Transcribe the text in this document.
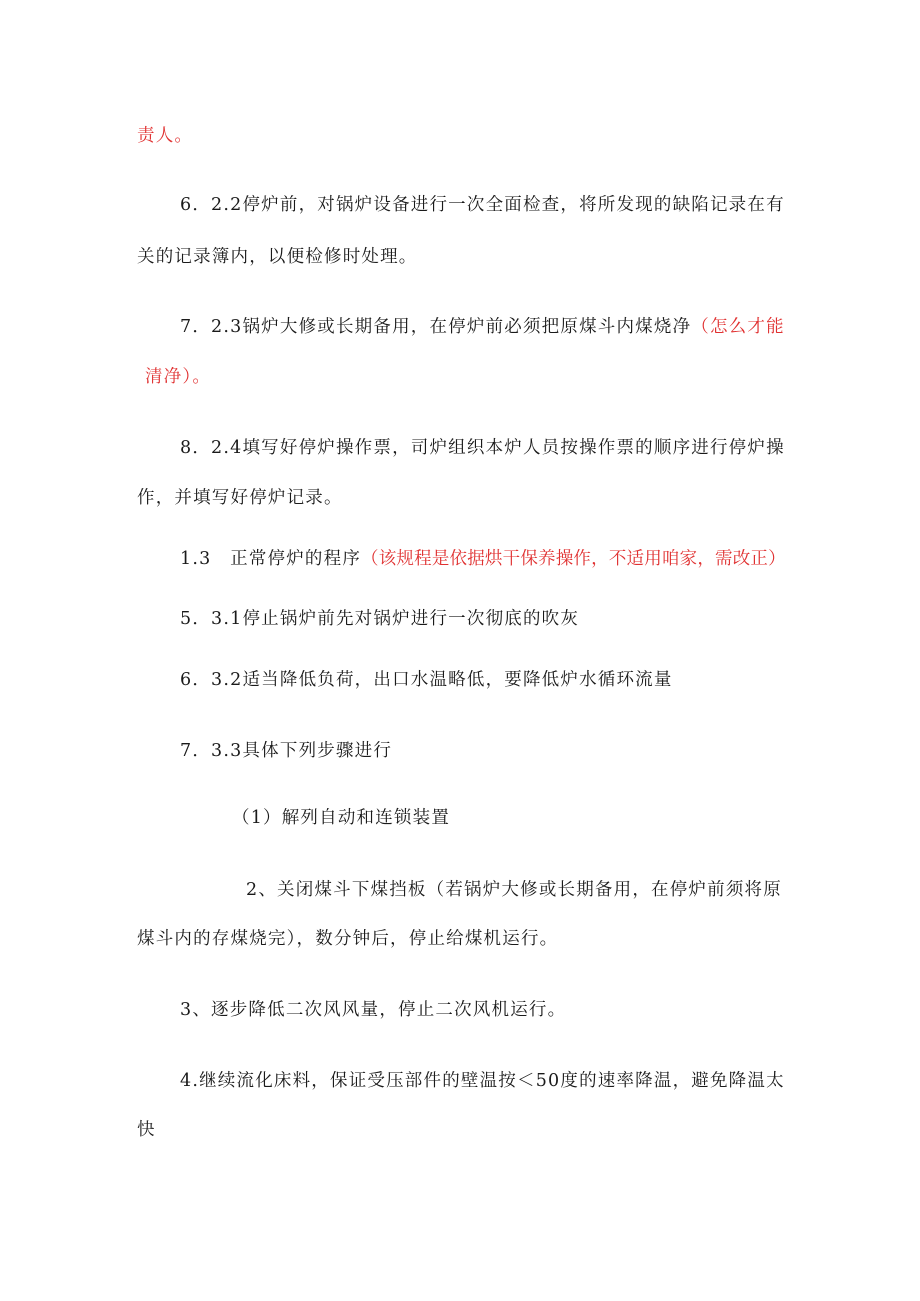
责人。
6．2.2停炉前，对锅炉设备进行一次全面检查，将所发现的缺陷记录在有
关的记录簿内，以便检修时处理。
7．2.3锅炉大修或长期备用，在停炉前必须把原煤斗内煤烧净（怎么才能
清净）。
8．2.4填写好停炉操作票，司炉组织本炉人员按操作票的顺序进行停炉操
作，并填写好停炉记录。
1.3　正常停炉的程序（该规程是依据烘干保养操作，不适用咱家，需改正）
5．3.1停止锅炉前先对锅炉进行一次彻底的吹灰
6．3.2适当降低负荷，出口水温略低，要降低炉水循环流量
7．3.3具体下列步骤进行
（1）解列自动和连锁装置
2、关闭煤斗下煤挡板（若锅炉大修或长期备用，在停炉前须将原
煤斗内的存煤烧完），数分钟后，停止给煤机运行。
3、逐步降低二次风风量，停止二次风机运行。
4.继续流化床料，保证受压部件的壁温按＜50度的速率降温，避免降温太
快
